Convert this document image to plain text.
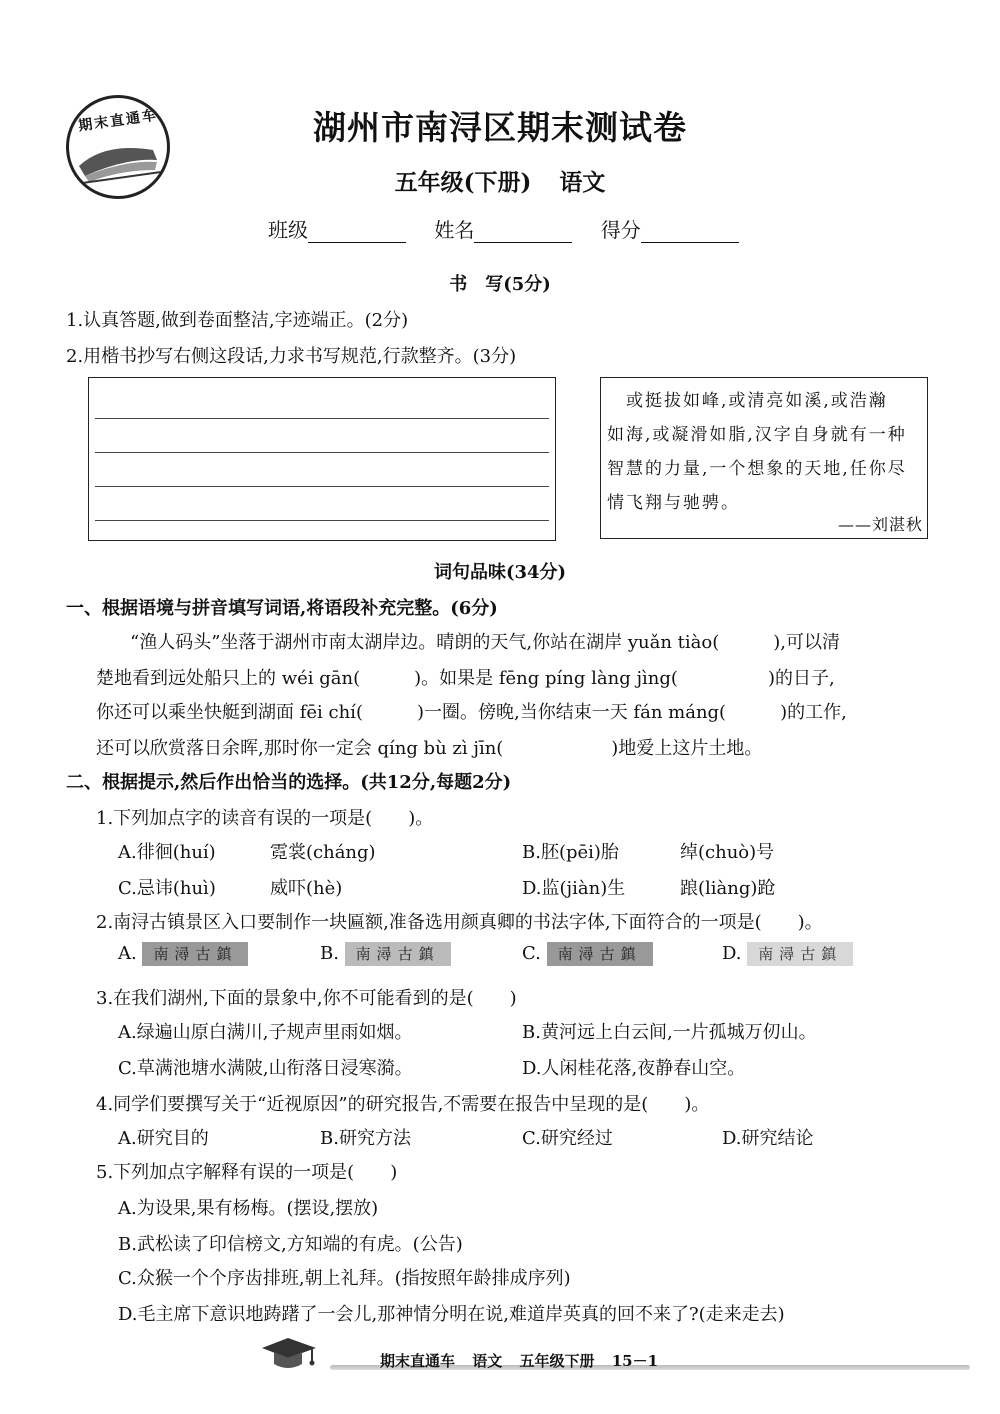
期末直通车	湖州市南浔区期末测试卷
五年级(下册) 语文
班级	姓名	得分
书　写(5分)
1.认真答题,做到卷面整洁,字迹端正。(2分)
2.用楷书抄写右侧这段话,力求书写规范,行款整齐。(3分)
　或挺拔如峰,或清亮如溪,或浩瀚
如海,或凝滑如脂,汉字自身就有一种
智慧的力量,一个想象的天地,任你尽
情飞翔与驰骋。
——刘湛秋
词句品味(34分)
一、根据语境与拼音填写词语,将语段补充完整。(6分)
“渔人码头”坐落于湖州市南太湖岸边。晴朗的天气,你站在湖岸 yuǎn tiào(　　　),可以清
楚地看到远处船只上的 wéi gān(　　　)。如果是 fēng píng làng jìng(　　　　　)的日子,
你还可以乘坐快艇到湖面 fēi chí(　　　)一圈。傍晚,当你结束一天 fán máng(　　　)的工作,
还可以欣赏落日余晖,那时你一定会 qíng bù zì jīn(　　　　　　)地爱上这片土地。
二、根据提示,然后作出恰当的选择。(共12分,每题2分)
1.下列加点字的读音有误的一项是(　　)。
A.徘徊(huí)	霓裳(cháng)	B.胚(pēi)胎	绰(chuò)号
C.忌讳(huì)	威吓(hè)	D.监(jiàn)生	踉(liàng)跄
2.南浔古镇景区入口要制作一块匾额,准备选用颜真卿的书法字体,下面符合的一项是(　　)。
A. 南潯古鎮	B. 南潯古鎮	C. 南潯古鎮	D. 南潯古鎮
3.在我们湖州,下面的景象中,你不可能看到的是(　　)
A.绿遍山原白满川,子规声里雨如烟。	B.黄河远上白云间,一片孤城万仞山。
C.草满池塘水满陂,山衔落日浸寒漪。	D.人闲桂花落,夜静春山空。
4.同学们要撰写关于“近视原因”的研究报告,不需要在报告中呈现的是(　　)。
A.研究目的	B.研究方法	C.研究经过	D.研究结论
5.下列加点字解释有误的一项是(　　)
A.为设果,果有杨梅。(摆设,摆放)
B.武松读了印信榜文,方知端的有虎。(公告)
C.众猴一个个序齿排班,朝上礼拜。(指按照年龄排成序列)
D.毛主席下意识地踌躇了一会儿,那神情分明在说,难道岸英真的回不来了?(走来走去)
期末直通车 语文 五年级下册 15－1
